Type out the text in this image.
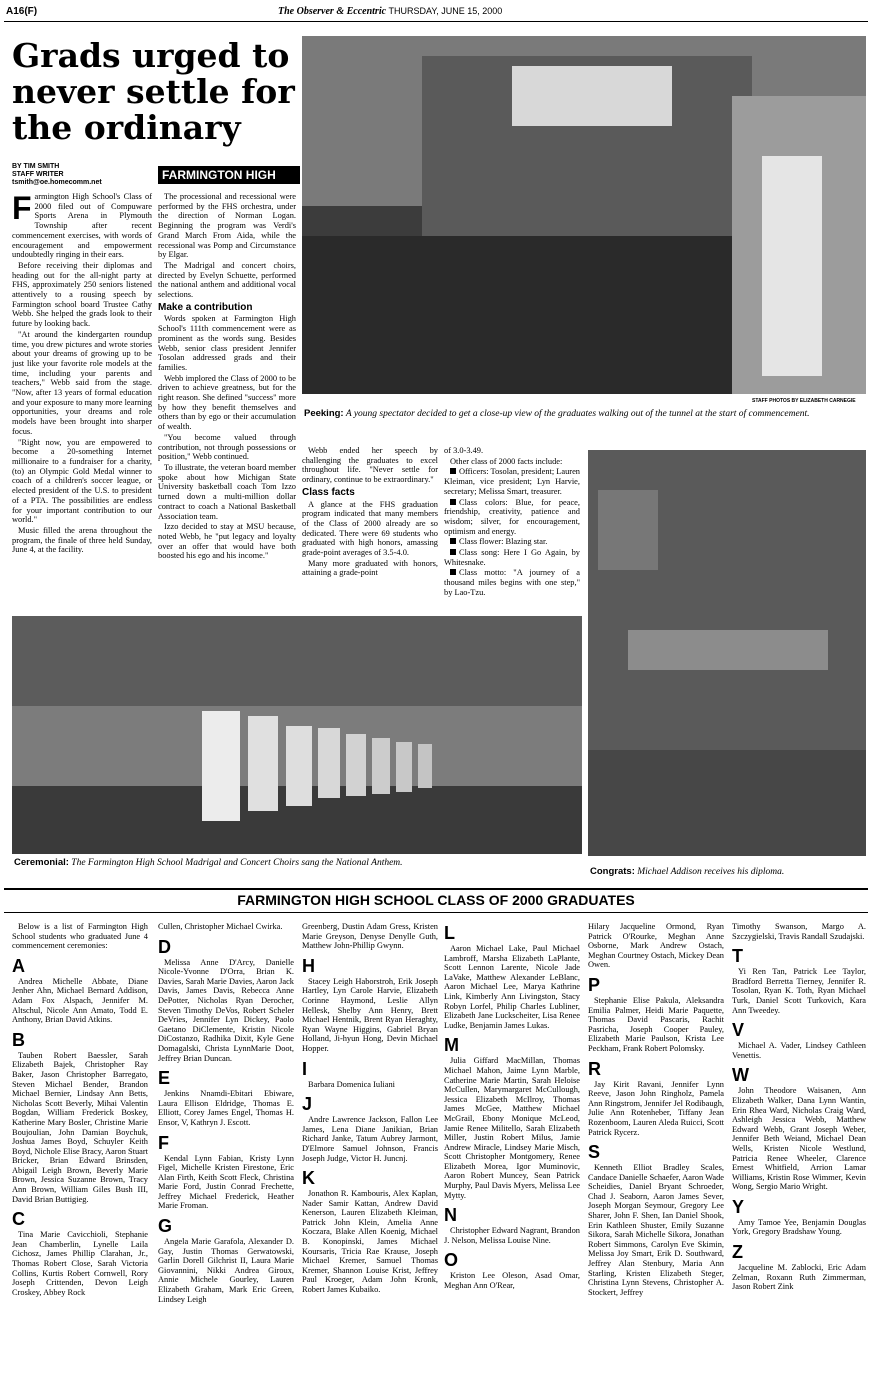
A16(F)	The Observer & Eccentric THURSDAY, JUNE 15, 2000
Grads urged to
never settle for
the ordinary
BY TIM SMITH
STAFF WRITER
tsmith@oe.homecomm.net
FARMINGTON HIGH

Farmington High School's Class of 2000 filed out of Compuware Sports Arena in Plymouth Township after recent commencement exercises, with words of encouragement and empowerment undoubtedly ringing in their ears.

Before receiving their diplomas and heading out for the all-night party at FHS, approximately 250 seniors listened attentively to a rousing speech by Farmington school board Trustee Cathy Webb. She helped the grads look to their future by looking back.

"At around the kindergarten roundup time, you drew pictures and wrote stories about your dreams of growing up to be just like your favorite role models at the time, including your parents and teachers," Webb said from the stage. "Now, after 13 years of formal education and your exposure to many more learning opportunities, your dreams and role models have been brought into sharper focus.

"Right now, you are empowered to become a 20-something Internet millionaire to a fundraiser for a charity, (to) an Olympic Gold Medal winner to coach of a children's soccer league, or elected president of the U.S. to president of a PTA. The possibilities are endless for your important contribution to our world."

Music filled the arena throughout the program, the finale of three held Sunday, June 4, at the facility.

The processional and recessional were performed by the FHS orchestra, under the direction of Norman Logan. Beginning the program was Verdi's Grand March From Aida, while the recessional was Pomp and Circumstance by Elgar.

The Madrigal and concert choirs, directed by Evelyn Schuette, performed the national anthem and additional vocal selections.

Make a contribution

Words spoken at Farmington High School's 111th commencement were as prominent as the words sung. Besides Webb, senior class president Jennifer Tosolan addressed grads and their families.

Webb implored the Class of 2000 to be driven to achieve greatness, but for the right reason. She defined "success" more by how they benefit themselves and others than by ego or their accumulation of wealth.

"You become valued through contribution, not through possessions or position," Webb continued.

To illustrate, the veteran board member spoke about how Michigan State University basketball coach Tom Izzo turned down a multi-million dollar contract to coach a National Basketball Association team.

Izzo decided to stay at MSU because, noted Webb, he "put legacy and loyalty over an offer that would have both boosted his ego and his income."

STAFF PHOTOS BY ELIZABETH CARNEGIE
Peeking: A young spectator decided to get a close-up view of the graduates walking out of the tunnel at the start of commencement.

Webb ended her speech by challenging the graduates to excel throughout life. "Never settle for ordinary, continue to be extraordinary."

Class facts

A glance at the FHS graduation program indicated that many members of the Class of 2000 already are so dedicated. There were 69 students who graduated with high honors, amassing grade-point averages of 3.5-4.0.

Many more graduated with honors, attaining a grade-point

of 3.0-3.49.

Other class of 2000 facts include:

Officers: Tosolan, president; Lauren Kleiman, vice president; Lyn Harvie, secretary; Melissa Smart, treasurer.

Class colors: Blue, for peace, friendship, creativity, patience and wisdom; silver, for encouragement, optimism and energy.

Class flower: Blazing star.

Class song: Here I Go Again, by Whitesnake.

Class motto: "A journey of a thousand miles begins with one step," by Lao-Tzu.

Ceremonial: The Farmington High School Madrigal and Concert Choirs sang the National Anthem.
Congrats: Michael Addison receives his diploma.
FARMINGTON HIGH SCHOOL CLASS OF 2000 GRADUATES
Below is a list of Farmington High School students who graduated June 4 commencement ceremonies:
A
Andrea Michelle Abbate, Diane Jenher Ahn, Michael Bernard Addison, Adam Fox Alspach, Jennifer M. Altschul, Nicole Ann Amato, Todd E. Anthony, Brian David Atkins.
B
Tauben Robert Baessler, Sarah Elizabeth Bajek, Christopher Ray Baker, Jason Christopher Barregato, Steven Michael Bender, Brandon Michael Bernier, Lindsay Ann Betts, Nicholas Scott Beverly, Mihai Valentin Bogdan, William Frederick Boskey, Katherine Mary Bosler, Christine Marie Boujoulian, John Damian Boychuk, Joshua James Boyd, Schuyler Keith Boyd, Nichole Elise Bracy, Aaron Stuart Bricker, Brian Edward Brinsden, Abigail Leigh Brown, Beverly Marie Brown, Jessica Suzanne Brown, Tracy Ann Brown, William Giles Bush III, David Brian Buttigieg.
C
Tina Marie Cavicchioli, Stephanie Jean Chamberlin, Lynelle Laila Cichosz, James Phillip Clarahan, Jr., Thomas Robert Close, Sarah Victoria Collins, Kurtis Robert Cornwell, Rory Joseph Crittenden, Devon Leigh Croskey, Abbey Rock
Cullen, Christopher Michael Cwirka.
D
Melissa Anne D'Arcy, Danielle Nicole-Yvonne D'Orra, Brian K. Davies, Sarah Marie Davies, Aaron Jack Davis, James Davis, Rebecca Anne DePotter, Nicholas Ryan Derocher, Steven Timothy DeVos, Robert Scheler DeVries, Jennifer Lyn Dickey, Paolo Gaetano DiClemente, Kristin Nicole DiCostanzo, Radhika Dixit, Kyle Gene Domagalski, Christa LynnMarie Doot, Jeffrey Brian Duncan.
E
Jenkins Nnamdi-Ebitari Ebiware, Laura Ellison Eldridge, Thomas E. Elliott, Corey James Engel, Thomas H. Ensor, V, Kathryn J. Escott.
F
Kendal Lynn Fabian, Kristy Lynn Figel, Michelle Kristen Firestone, Eric Alan Firth, Keith Scott Fleck, Christina Marie Ford, Justin Conrad Frechette, Jeffrey Michael Frederick, Heather Marie Froman.
G
Angela Marie Garafola, Alexander D. Gay, Justin Thomas Gerwatowski, Garlin Dorell Gilchrist II, Laura Marie Giovannini, Nikki Andrea Giroux, Annie Michele Gourley, Lauren Elizabeth Graham, Mark Eric Green, Lindsey Leigh
Greenberg, Dustin Adam Gress, Kristen Marie Greyson, Denyse Denylle Guth, Matthew John-Phillip Gwynn.
H
Stacey Leigh Haborstroh, Erik Joseph Hartley, Lyn Carole Harvie, Elizabeth Corinne Haymond, Leslie Allyn Hellesk, Shelby Ann Henry, Brett Michael Hentnik, Brent Ryan Heraghty, Ryan Wayne Higgins, Gabriel Bryan Holland, Ji-hyun Hong, Devin Michael Hopper.
I
Barbara Domenica Iuliani
J
Andre Lawrence Jackson, Fallon Lee James, Lena Diane Janikian, Brian Richard Janke, Tatum Aubrey Jarmont, D'Elmore Samuel Johnson, Francis Joseph Judge, Victor H. Juncnj.
K
Jonathon R. Kambouris, Alex Kaplan, Nader Samir Kattan, Andrew David Kenerson, Lauren Elizabeth Kleiman, Patrick John Klein, Amelia Anne Koczara, Blake Allen Koenig, Michael B. Konopinski, James Michael Koursaris, Tricia Rae Krause, Joseph Michael Kremer, Samuel Thomas Kremer, Shannon Louise Krist, Jeffrey Paul Kroeger, Adam John Kronk, Robert James Kubaiko.
L
Aaron Michael Lake, Paul Michael Lambroff, Marsha Elizabeth LaPlante, Scott Lennon Larente, Nicole Jade LaVake, Matthew Alexander LeBlanc, Aaron Michael Lee, Marya Kathrine Link, Kimberly Ann Livingston, Stacy Robyn Lorfel, Philip Charles Lubliner, Elizabeth Jane Luckscheiter, Lisa Renee Ludke, Benjamin James Lukas.
M
Julia Giffard MacMillan, Thomas Michael Mahon, Jaime Lynn Marble, Catherine Marie Martin, Sarah Heloise McCullen, Marymargaret McCullough, Jessica Elizabeth McIlroy, Thomas James McGee, Matthew Michael McGrail, Ebony Monique McLeod, Jamie Renee Militello, Sarah Elizabeth Miller, Justin Robert Milus, Jamie Andrew Miracle, Lindsey Marie Misch, Scott Christopher Montgomery, Renee Elizabeth Morea, Igor Muminovic, Aaron Robert Muncey, Sean Patrick Murphy, Paul Davis Myers, Melissa Lee Mytty.
N
Christopher Edward Nagrant, Brandon J. Nelson, Melissa Louise Nine.
O
Kriston Lee Oleson, Asad Omar, Meghan Ann O'Rear,
Hilary Jacqueline Ormond, Ryan Patrick O'Rourke, Meghan Anne Osborne, Mark Andrew Ostach, Meghan Courtney Ostach, Mickey Dean Owen.
P
Stephanie Elise Pakula, Aleksandra Emilia Palmer, Heidi Marie Paquette, Thomas David Pascaris, Rachit Pasricha, Joseph Cooper Pauley, Elizabeth Marie Paulson, Krista Lee Peckham, Frank Robert Polomsky.
R
Jay Kirit Ravani, Jennifer Lynn Reeve, Jason John Ringholz, Pamela Ann Ringstrom, Jennifer Jel Rodibaugh, Julie Ann Rotenheber, Tiffany Jean Rozenboom, Lauren Aleda Ruicci, Scott Patrick Rycerz.
S
Kenneth Elliot Bradley Scales, Candace Danielle Schaefer, Aaron Wade Scheidies, Daniel Bryant Schroeder, Chad J. Seaborn, Aaron James Sever, Joseph Morgan Seymour, Gregory Lee Sharer, John F. Shen, Ian Daniel Shook, Erin Kathleen Shuster, Emily Suzanne Sikora, Sarah Michelle Sikora, Jonathan Robert Simmons, Carolyn Eve Skimin, Melissa Joy Smart, Erik D. Southward, Jeffrey Alan Stenbury, Maria Ann Starling, Kristen Elizabeth Steger, Christina Lynn Stevens, Christopher A. Stockert, Jeffrey
Timothy Swanson, Margo A. Szczygielski, Travis Randall Szudajski.
T
Yi Ren Tan, Patrick Lee Taylor, Bradford Berretta Tierney, Jennifer R. Tosolan, Ryan K. Toth, Ryan Michael Turk, Daniel Scott Turkovich, Kara Ann Tweedey.
V
Michael A. Vader, Lindsey Cathleen Venettis.
W
John Theodore Waisanen, Ann Elizabeth Walker, Dana Lynn Wantin, Erin Rhea Ward, Nicholas Craig Ward, Ashleigh Jessica Webb, Matthew Edward Webb, Grant Joseph Weber, Jennifer Beth Weiand, Michael Dean Wells, Kristen Nicole Westlund, Patricia Renee Wheeler, Clarence Ernest Whitfield, Arrion Lamar Williams, Kristin Rose Wimmer, Kevin Wong, Sergio Mario Wright.
Y
Amy Tamoe Yee, Benjamin Douglas York, Gregory Bradshaw Young.
Z
Jacqueline M. Zablocki, Eric Adam Zelman, Roxann Ruth Zimmerman, Jason Robert Zink
